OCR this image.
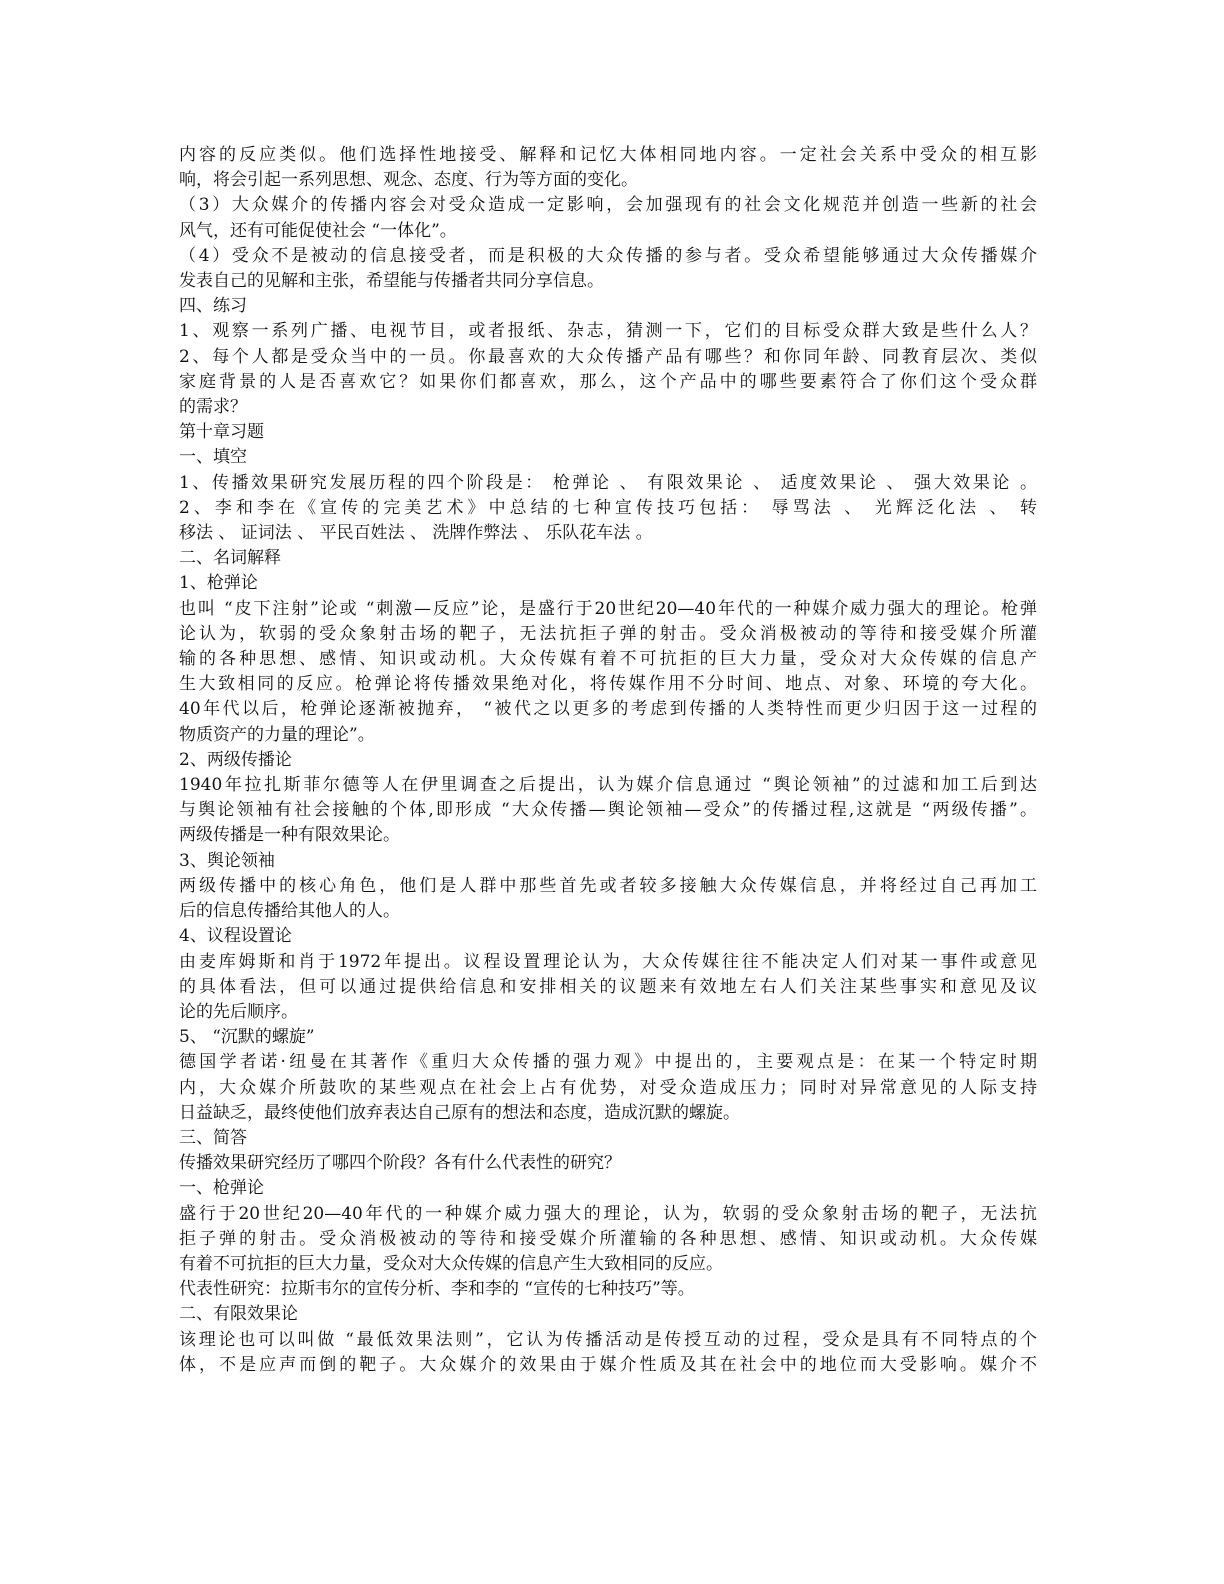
内容的反应类似。他们选择性地接受、解释和记忆大体相同地内容。一定社会关系中受众的相互影
响，将会引起一系列思想、观念、态度、行为等方面的变化。
（3）大众媒介的传播内容会对受众造成一定影响，会加强现有的社会文化规范并创造一些新的社会
风气，还有可能促使社会 “一体化”。
（4）受众不是被动的信息接受者，而是积极的大众传播的参与者。受众希望能够通过大众传播媒介
发表自己的见解和主张，希望能与传播者共同分享信息。
四、练习
1、观察一系列广播、电视节目，或者报纸、杂志，猜测一下，它们的目标受众群大致是些什么人？
2、每个人都是受众当中的一员。你最喜欢的大众传播产品有哪些？和你同年龄、同教育层次、类似
家庭背景的人是否喜欢它？如果你们都喜欢，那么，这个产品中的哪些要素符合了你们这个受众群
的需求？
第十章习题
一、填空
1、传播效果研究发展历程的四个阶段是： 枪弹论 、 有限效果论 、 适度效果论 、 强大效果论 。
2、李和李在《宣传的完美艺术》中总结的七种宣传技巧包括： 辱骂法 、 光辉泛化法 、 转
移法 、 证词法 、 平民百姓法 、 洗牌作弊法 、 乐队花车法 。
二、名词解释
1、枪弹论
也叫 “皮下注射”论或 “刺激—反应”论，是盛行于20世纪20—40年代的一种媒介威力强大的理论。枪弹
论认为，软弱的受众象射击场的靶子，无法抗拒子弹的射击。受众消极被动的等待和接受媒介所灌
输的各种思想、感情、知识或动机。大众传媒有着不可抗拒的巨大力量，受众对大众传媒的信息产
生大致相同的反应。枪弹论将传播效果绝对化，将传媒作用不分时间、地点、对象、环境的夸大化。
40年代以后，枪弹论逐渐被抛弃， “被代之以更多的考虑到传播的人类特性而更少归因于这一过程的
物质资产的力量的理论”。
2、两级传播论
1940年拉扎斯菲尔德等人在伊里调查之后提出，认为媒介信息通过 “舆论领袖”的过滤和加工后到达
与舆论领袖有社会接触的个体,即形成 “大众传播—舆论领袖—受众”的传播过程,这就是 “两级传播”。
两级传播是一种有限效果论。
3、舆论领袖
两级传播中的核心角色，他们是人群中那些首先或者较多接触大众传媒信息，并将经过自己再加工
后的信息传播给其他人的人。
4、议程设置论
由麦库姆斯和肖于1972年提出。议程设置理论认为，大众传媒往往不能决定人们对某一事件或意见
的具体看法，但可以通过提供给信息和安排相关的议题来有效地左右人们关注某些事实和意见及议
论的先后顺序。
5、 “沉默的螺旋”
德国学者诺·纽曼在其著作《重归大众传播的强力观》中提出的，主要观点是：在某一个特定时期
内，大众媒介所鼓吹的某些观点在社会上占有优势，对受众造成压力；同时对异常意见的人际支持
日益缺乏，最终使他们放弃表达自己原有的想法和态度，造成沉默的螺旋。
三、简答
传播效果研究经历了哪四个阶段？各有什么代表性的研究？
一、枪弹论
盛行于20世纪20—40年代的一种媒介威力强大的理论，认为，软弱的受众象射击场的靶子，无法抗
拒子弹的射击。受众消极被动的等待和接受媒介所灌输的各种思想、感情、知识或动机。大众传媒
有着不可抗拒的巨大力量，受众对大众传媒的信息产生大致相同的反应。
代表性研究：拉斯韦尔的宣传分析、李和李的 “宣传的七种技巧”等。
二、有限效果论
该理论也可以叫做 “最低效果法则”，它认为传播活动是传授互动的过程，受众是具有不同特点的个
体，不是应声而倒的靶子。大众媒介的效果由于媒介性质及其在社会中的地位而大受影响。媒介不
